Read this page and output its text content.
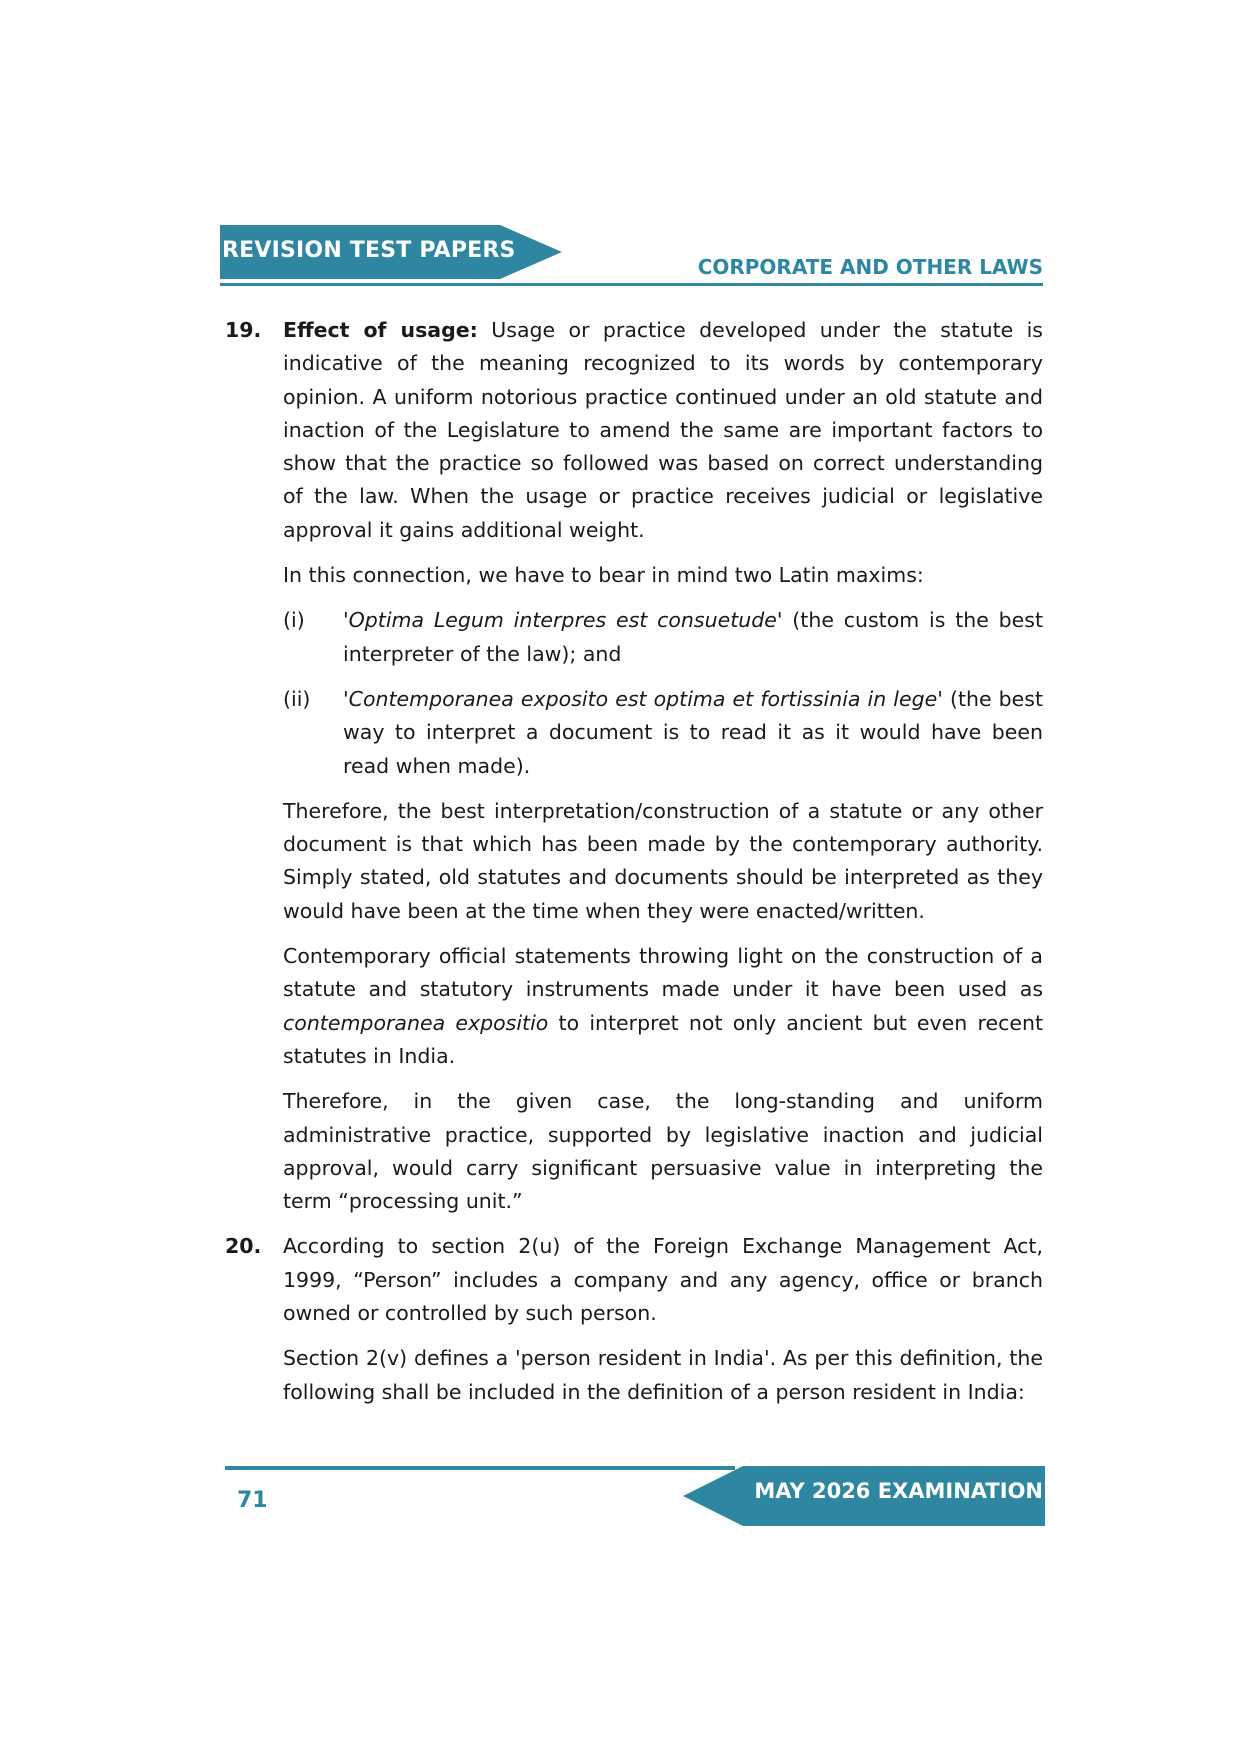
REVISION TEST PAPERS
CORPORATE AND OTHER LAWS
19. Effect of usage: Usage or practice developed under the statute is indicative of the meaning recognized to its words by contemporary opinion. A uniform notorious practice continued under an old statute and inaction of the Legislature to amend the same are important factors to show that the practice so followed was based on correct understanding of the law. When the usage or practice receives judicial or legislative approval it gains additional weight.

In this connection, we have to bear in mind two Latin maxims:

(i) 'Optima Legum interpres est consuetude' (the custom is the best interpreter of the law); and
(ii) 'Contemporanea exposito est optima et fortissinia in lege' (the best way to interpret a document is to read it as it would have been read when made).

Therefore, the best interpretation/construction of a statute or any other document is that which has been made by the contemporary authority. Simply stated, old statutes and documents should be interpreted as they would have been at the time when they were enacted/written.

Contemporary official statements throwing light on the construction of a statute and statutory instruments made under it have been used as contemporanea expositio to interpret not only ancient but even recent statutes in India.

Therefore, in the given case, the long-standing and uniform administrative practice, supported by legislative inaction and judicial approval, would carry significant persuasive value in interpreting the term “processing unit.”

20. According to section 2(u) of the Foreign Exchange Management Act, 1999, “Person” includes a company and any agency, office or branch owned or controlled by such person.

Section 2(v) defines a 'person resident in India'. As per this definition, the following shall be included in the definition of a person resident in India:

71	MAY 2026 EXAMINATION
